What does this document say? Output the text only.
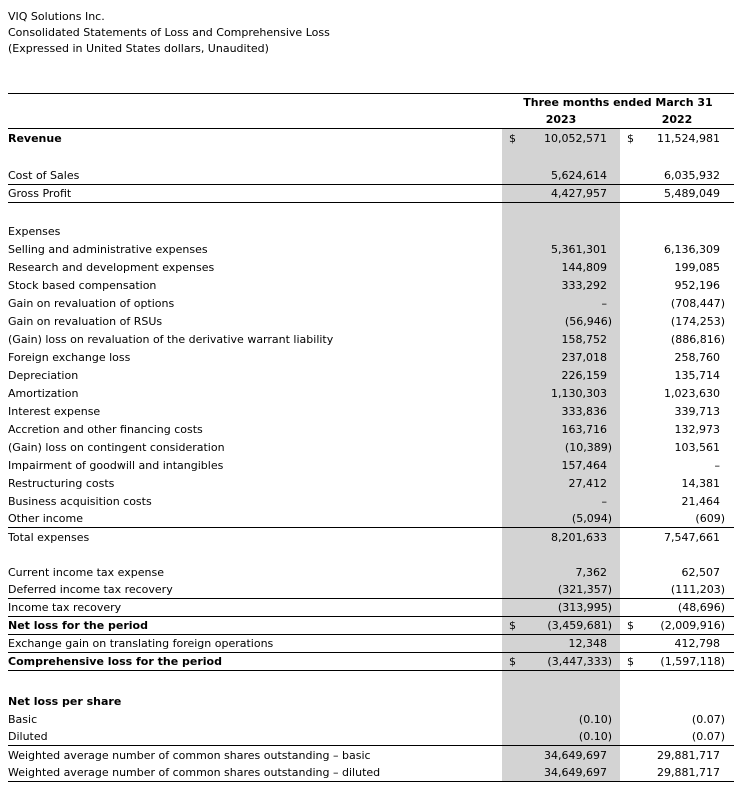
VIQ Solutions Inc.
Consolidated Statements of Loss and Comprehensive Loss
(Expressed in United States dollars, Unaudited)
Three months ended March 31
2023	2022
Revenue	$	10,052,571 $ 11,524,981
Cost of Sales	5,624,614	6,035,932
Gross Profit	4,427,957	5,489,049
Expenses
Selling and administrative expenses	5,361,301	6,136,309
Research and development expenses	144,809	199,085
Stock based compensation	333,292	952,196
Gain on revaluation of options	–	(708,447)
Gain on revaluation of RSUs	(56,946)	(174,253)
(Gain) loss on revaluation of the derivative warrant liability	158,752	(886,816)
Foreign exchange loss	237,018	258,760
Depreciation	226,159	135,714
Amortization	1,130,303	1,023,630
Interest expense	333,836	339,713
Accretion and other financing costs	163,716	132,973
(Gain) loss on contingent consideration	(10,389)	103,561
Impairment of goodwill and intangibles	157,464	–
Restructuring costs	27,412	14,381
Business acquisition costs	–	21,464
Other income	(5,094)	(609)
Total expenses	8,201,633	7,547,661
Current income tax expense	7,362	62,507
Deferred income tax recovery	(321,357)	(111,203)
Income tax recovery	(313,995)	(48,696)
Net loss for the period	$	(3,459,681) $ (2,009,916)
Exchange gain on translating foreign operations	12,348	412,798
Comprehensive loss for the period	$	(3,447,333) $ (1,597,118)
Net loss per share
Basic	(0.10)	(0.07)
Diluted	(0.10)	(0.07)
Weighted average number of common shares outstanding – basic	34,649,697	29,881,717
Weighted average number of common shares outstanding – diluted	34,649,697	29,881,717
